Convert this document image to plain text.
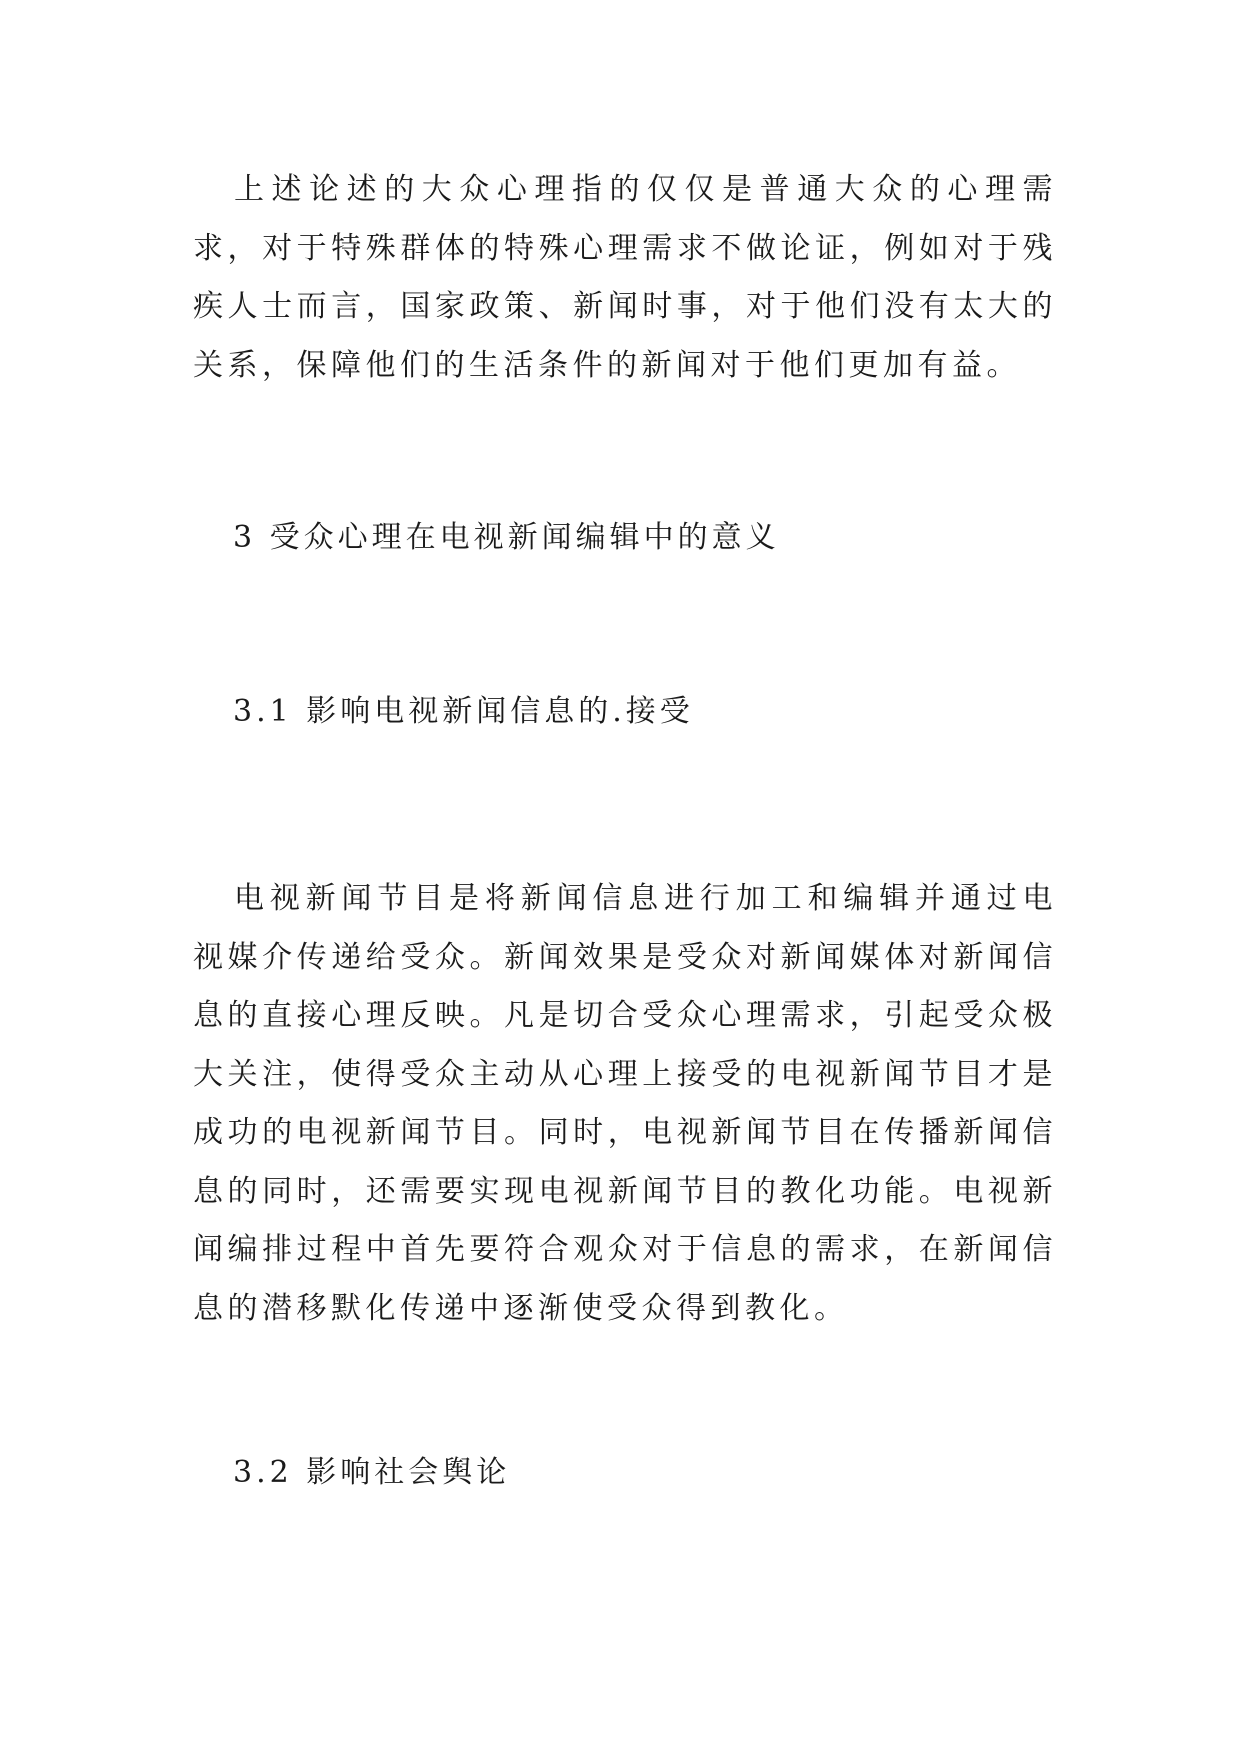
上述论述的大众心理指的仅仅是普通大众的心理需求，对于特殊群体的特殊心理需求不做论证，例如对于残疾人士而言，国家政策、新闻时事，对于他们没有太大的关系，保障他们的生活条件的新闻对于他们更加有益。

3 受众心理在电视新闻编辑中的意义
3.1 影响电视新闻信息的.接受

电视新闻节目是将新闻信息进行加工和编辑并通过电视媒介传递给受众。新闻效果是受众对新闻媒体对新闻信息的直接心理反映。凡是切合受众心理需求，引起受众极大关注，使得受众主动从心理上接受的电视新闻节目才是成功的电视新闻节目。同时，电视新闻节目在传播新闻信息的同时，还需要实现电视新闻节目的教化功能。电视新闻编排过程中首先要符合观众对于信息的需求，在新闻信息的潜移默化传递中逐渐使受众得到教化。

3.2 影响社会舆论
